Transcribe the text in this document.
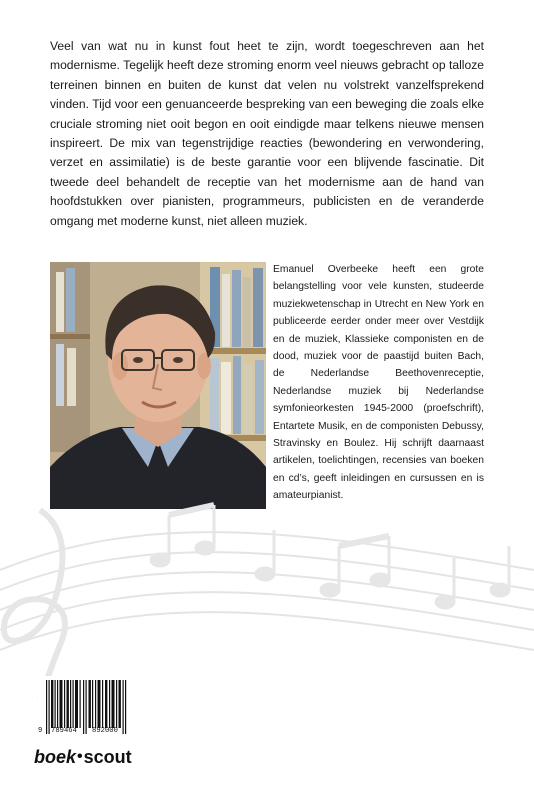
Veel van wat nu in kunst fout heet te zijn, wordt toegeschreven aan het modernisme. Tegelijk heeft deze stroming enorm veel nieuws gebracht op talloze terreinen binnen en buiten de kunst dat velen nu volstrekt vanzelfsprekend vinden. Tijd voor een genuanceerde bespreking van een beweging die zoals elke cruciale stroming niet ooit begon en ooit eindigde maar telkens nieuwe mensen inspireert. De mix van tegenstrijdige reacties (bewondering en verwondering, verzet en assimilatie) is de beste garantie voor een blijvende fascinatie. Dit tweede deel behandelt de receptie van het modernisme aan de hand van hoofdstukken over pianisten, programmeurs, publicisten en de veranderde omgang met moderne kunst, niet alleen muziek.

Emanuel Overbeeke heeft een grote belangstelling voor vele kunsten, studeerde muziekwetenschap in Utrecht en New York en publiceerde eerder onder meer over Vestdijk en de muziek, Klassieke componisten en de dood, muziek voor de paastijd buiten Bach, de Nederlandse Beethovenreceptie, Nederlandse muziek bij Nederlandse symfonieorkesten 1945-2000 (proefschrift), Entartete Musik, en de componisten Debussy, Stravinsky en Boulez. Hij schrijft daarnaast artikelen, toelichtingen, recensies van boeken en cd’s, geeft inleidingen en cursussen en is amateurpianist.

9 789464 892000
boek•scout
